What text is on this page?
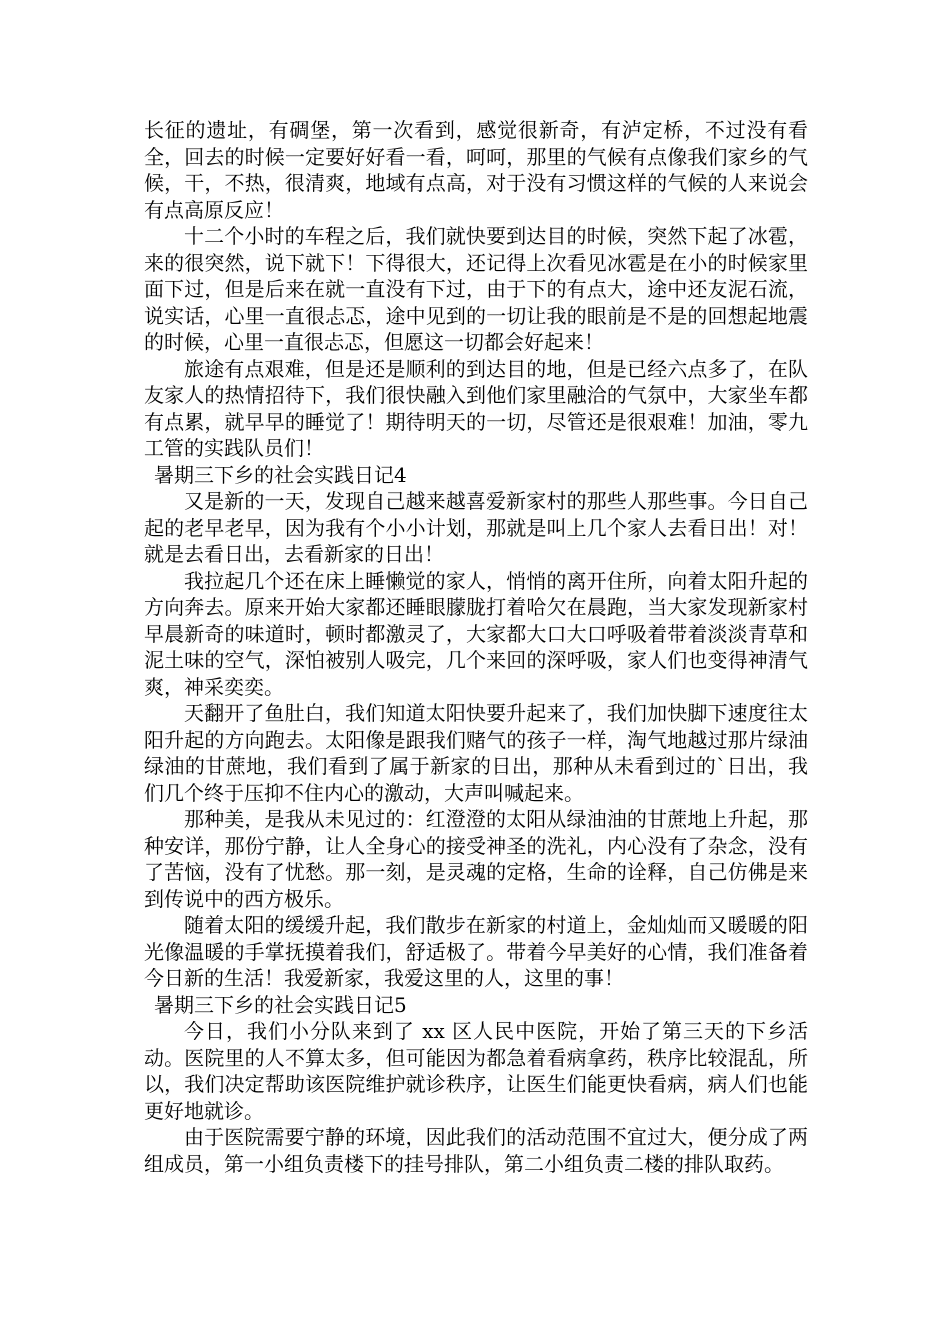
长征的遗址，有碉堡，第一次看到，感觉很新奇，有泸定桥，不过没有看全，回去的时候一定要好好看一看，呵呵，那里的气候有点像我们家乡的气候，干，不热，很清爽，地域有点高，对于没有习惯这样的气候的人来说会有点高原反应！

十二个小时的车程之后，我们就快要到达目的时候，突然下起了冰雹，来的很突然，说下就下！下得很大，还记得上次看见冰雹是在小的时候家里面下过，但是后来在就一直没有下过，由于下的有点大，途中还友泥石流，说实话，心里一直很忐忑，途中见到的一切让我的眼前是不是的回想起地震的时候，心里一直很忐忑，但愿这一切都会好起来！

旅途有点艰难，但是还是顺利的到达目的地，但是已经六点多了，在队友家人的热情招待下，我们很快融入到他们家里融洽的气氛中，大家坐车都有点累，就早早的睡觉了！期待明天的一切，尽管还是很艰难！加油，零九工管的实践队员们！

暑期三下乡的社会实践日记4

又是新的一天，发现自己越来越喜爱新家村的那些人那些事。今日自己起的老早老早，因为我有个小小计划，那就是叫上几个家人去看日出！对！就是去看日出，去看新家的日出！

我拉起几个还在床上睡懒觉的家人，悄悄的离开住所，向着太阳升起的方向奔去。原来开始大家都还睡眼朦胧打着哈欠在晨跑，当大家发现新家村早晨新奇的味道时，顿时都激灵了，大家都大口大口呼吸着带着淡淡青草和泥土味的空气，深怕被别人吸完，几个来回的深呼吸，家人们也变得神清气爽，神采奕奕。

天翻开了鱼肚白，我们知道太阳快要升起来了，我们加快脚下速度往太阳升起的方向跑去。太阳像是跟我们赌气的孩子一样，淘气地越过那片绿油绿油的甘蔗地，我们看到了属于新家的日出，那种从未看到过的`日出，我们几个终于压抑不住内心的激动，大声叫喊起来。

那种美，是我从未见过的：红澄澄的太阳从绿油油的甘蔗地上升起，那种安详，那份宁静，让人全身心的接受神圣的洗礼，内心没有了杂念，没有了苦恼，没有了忧愁。那一刻，是灵魂的定格，生命的诠释，自己仿佛是来到传说中的西方极乐。

随着太阳的缓缓升起，我们散步在新家的村道上，金灿灿而又暖暖的阳光像温暖的手掌抚摸着我们，舒适极了。带着今早美好的心情，我们准备着今日新的生活！我爱新家，我爱这里的人，这里的事！

暑期三下乡的社会实践日记5

今日，我们小分队来到了 xx 区人民中医院，开始了第三天的下乡活动。医院里的人不算太多，但可能因为都急着看病拿药，秩序比较混乱，所以，我们决定帮助该医院维护就诊秩序，让医生们能更快看病，病人们也能更好地就诊。

由于医院需要宁静的环境，因此我们的活动范围不宜过大，便分成了两组成员，第一小组负责楼下的挂号排队，第二小组负责二楼的排队取药。
